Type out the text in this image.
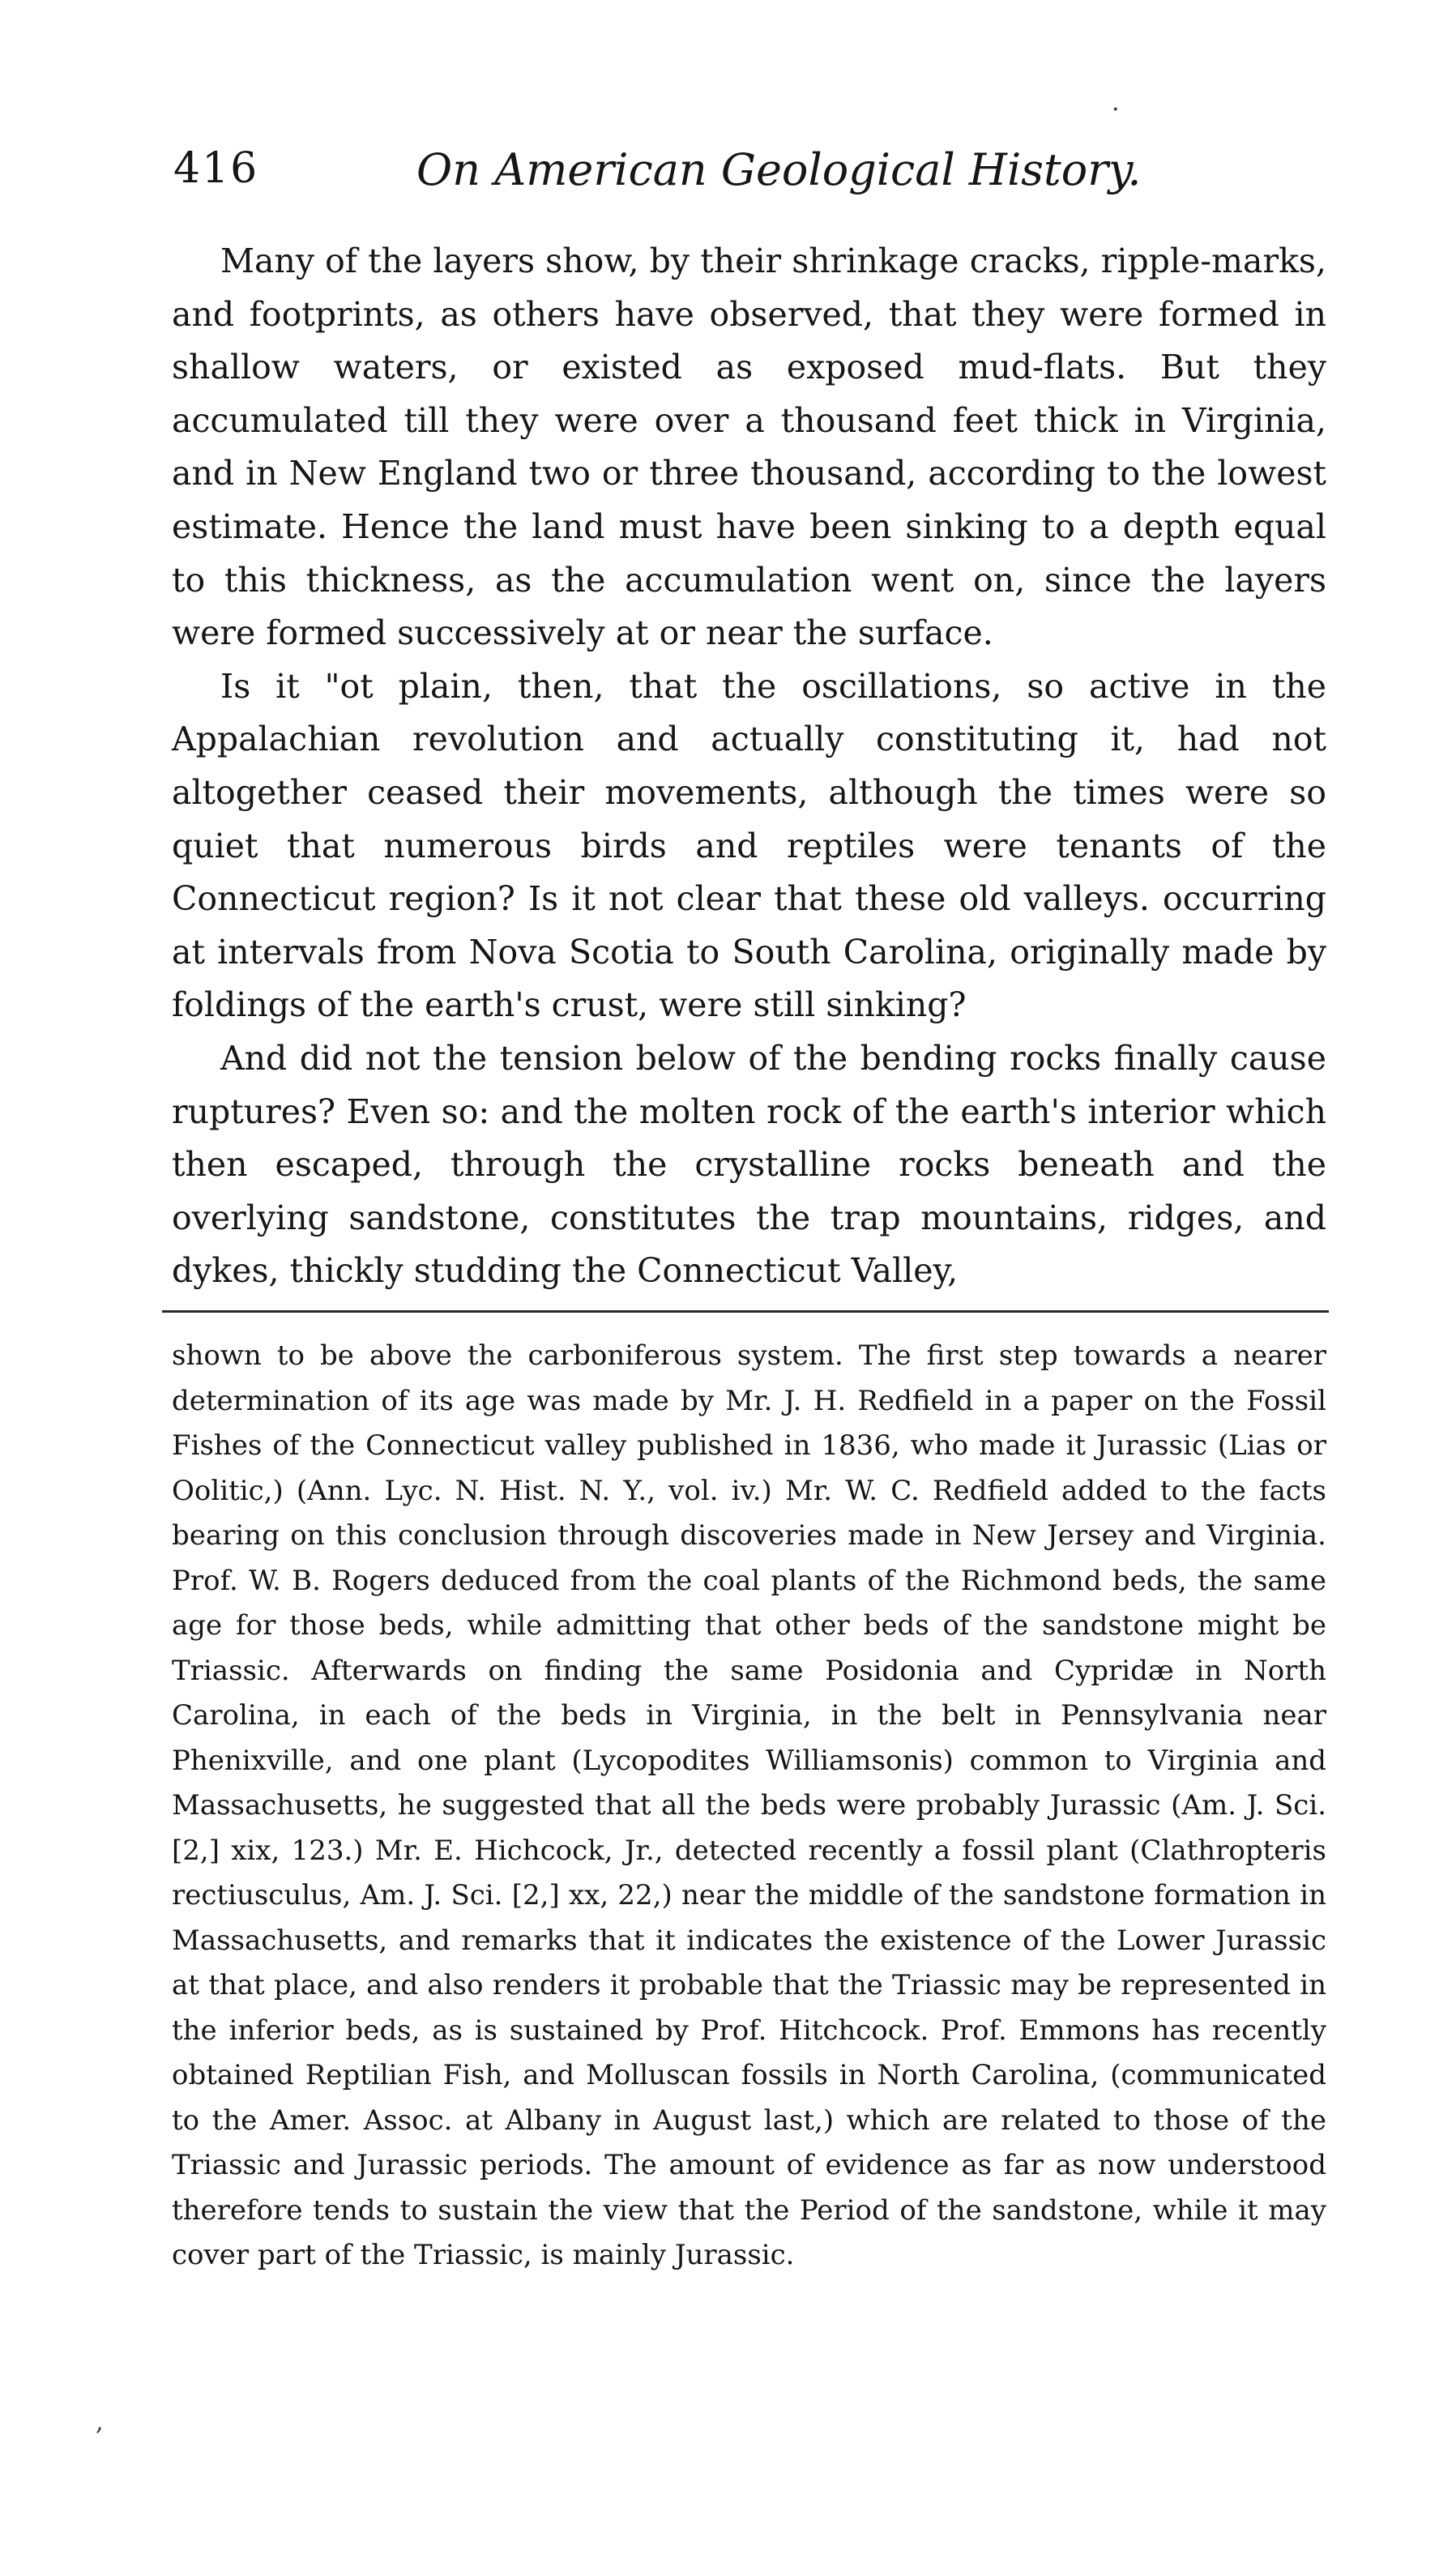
·
416	On American Geological History.

Many of the layers show, by their shrinkage cracks, ripple-marks, and footprints, as others have observed, that they were formed in shallow waters, or existed as exposed mud-flats. But they accumulated till they were over a thousand feet thick in Virginia, and in New England two or three thousand, according to the lowest estimate. Hence the land must have been sinking to a depth equal to this thickness, as the accumulation went on, since the layers were formed successively at or near the surface.

Is it "ot plain, then, that the oscillations, so active in the Appalachian revolution and actually constituting it, had not altogether ceased their movements, although the times were so quiet that numerous birds and reptiles were tenants of the Connecticut region? Is it not clear that these old valleys. occurring at intervals from Nova Scotia to South Carolina, originally made by foldings of the earth's crust, were still sinking?

And did not the tension below of the bending rocks finally cause ruptures? Even so: and the molten rock of the earth's interior which then escaped, through the crystalline rocks beneath and the overlying sandstone, constitutes the trap mountains, ridges, and dykes, thickly studding the Connecticut Valley,

shown to be above the carboniferous system. The first step towards a nearer determination of its age was made by Mr. J. H. Redfield in a paper on the Fossil Fishes of the Connecticut valley published in 1836, who made it Jurassic (Lias or Oolitic,) (Ann. Lyc. N. Hist. N. Y., vol. iv.) Mr. W. C. Redfield added to the facts bearing on this conclusion through discoveries made in New Jersey and Virginia. Prof. W. B. Rogers deduced from the coal plants of the Richmond beds, the same age for those beds, while admitting that other beds of the sandstone might be Triassic. Afterwards on finding the same Posidonia and Cypridæ in North Carolina, in each of the beds in Virginia, in the belt in Pennsylvania near Phenixville, and one plant (Lycopodites Williamsonis) common to Virginia and Massachusetts, he suggested that all the beds were probably Jurassic (Am. J. Sci. [2,] xix, 123.) Mr. E. Hichcock, Jr., detected recently a fossil plant (Clathropteris rectiusculus, Am. J. Sci. [2,] xx, 22,) near the middle of the sandstone formation in Massachusetts, and remarks that it indicates the existence of the Lower Jurassic at that place, and also renders it probable that the Triassic may be represented in the inferior beds, as is sustained by Prof. Hitchcock. Prof. Emmons has recently obtained Reptilian Fish, and Molluscan fossils in North Carolina, (communicated to the Amer. Assoc. at Albany in August last,) which are related to those of the Triassic and Jurassic periods. The amount of evidence as far as now understood therefore tends to sustain the view that the Period of the sandstone, while it may cover part of the Triassic, is mainly Jurassic.

,
